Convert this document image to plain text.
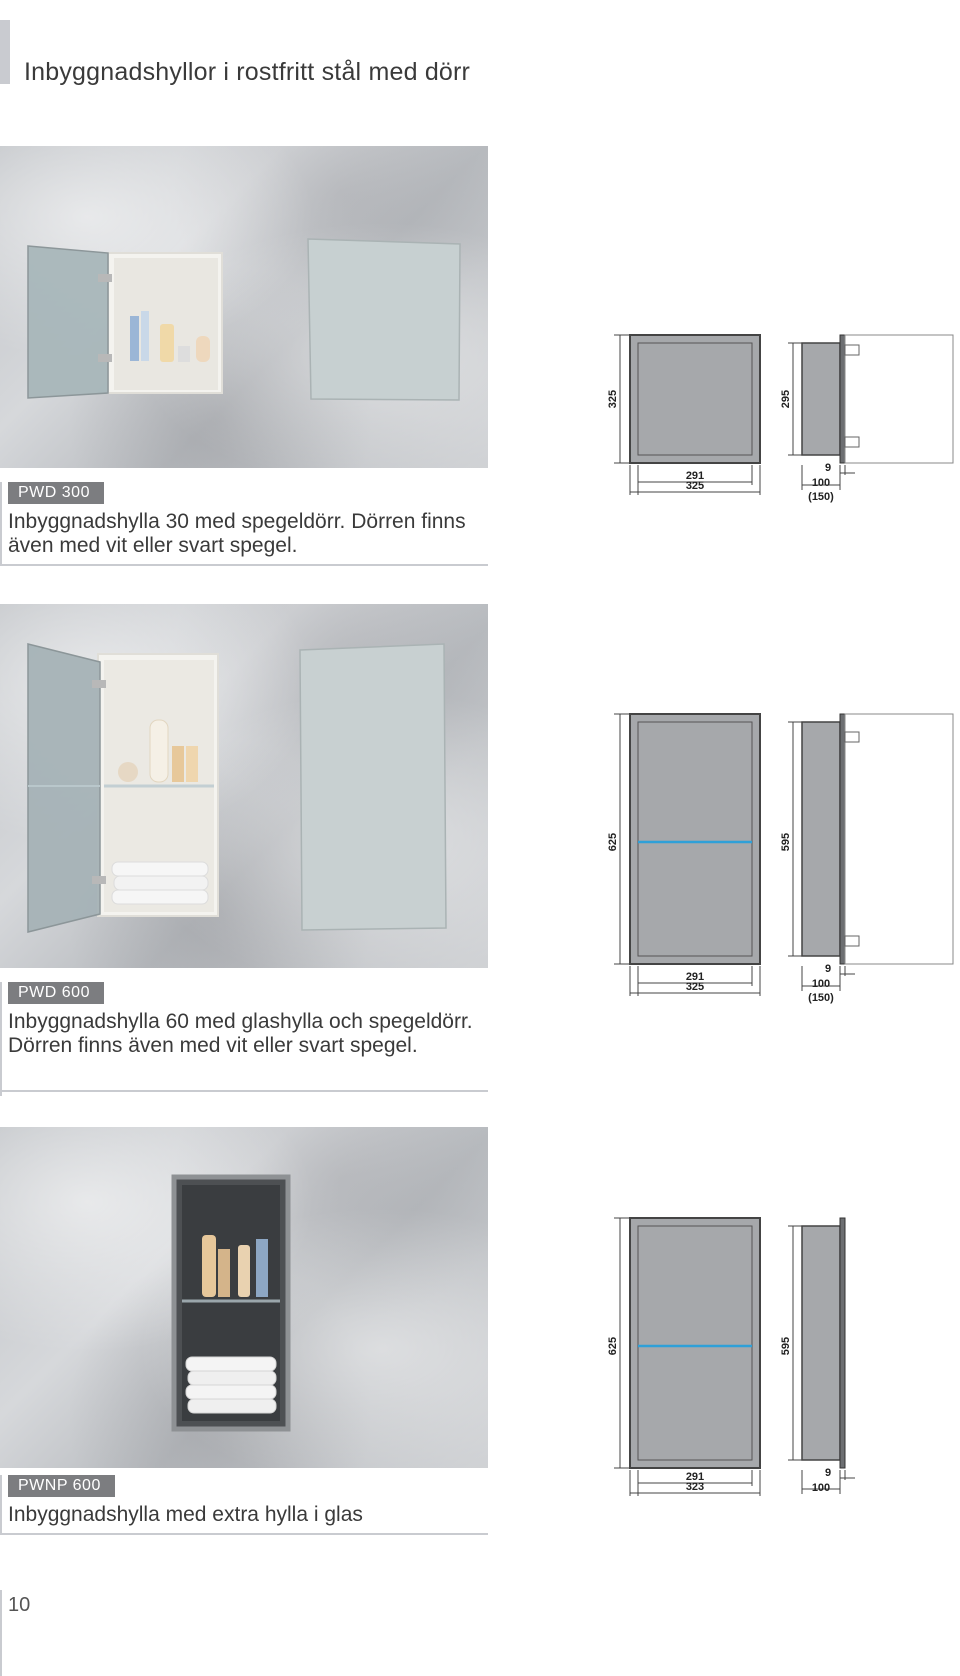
Inbyggnadshyllor i rostfritt stål med dörr
PWD 300

Inbyggnadshylla 30 med spegeldörr. Dörren finns även med vit eller svart spegel.

325
291
325
295
9
100
(150)
PWD 600

Inbyggnadshylla 60 med glashylla och spegeldörr. Dörren finns även med vit eller svart spegel.

625
291
325
595
9
100
(150)
PWNP 600

Inbyggnadshylla med extra hylla i glas

625
291
323
595
9
100
10
